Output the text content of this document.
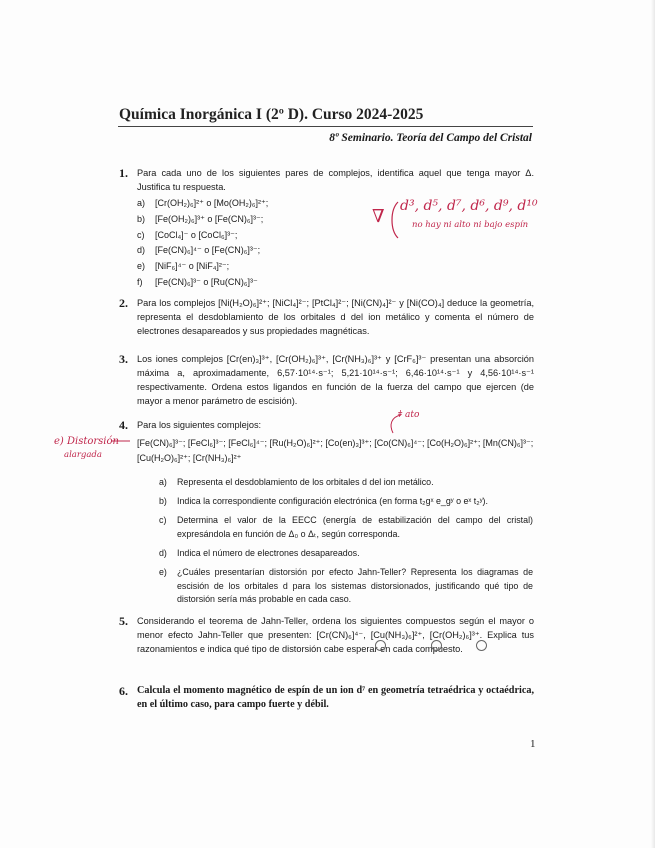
Química Inorgánica I (2º D). Curso 2024-2025
8º Seminario. Teoría del Campo del Cristal
1. Para cada uno de los siguientes pares de complejos, identifica aquel que tenga mayor Δ. Justifica tu respuesta.
a) [Cr(OH₂)₆]²⁺ o [Mo(OH₂)₆]²⁺;
b) [Fe(OH₂)₆]³⁺ o [Fe(CN)₆]³⁻;
c) [CoCl₄]⁻ o [CoCl₆]³⁻;
d) [Fe(CN)₆]⁴⁻ o [Fe(CN)₆]³⁻;
e) [NiF₆]⁴⁻ o [NiF₄]²⁻;
f) [Fe(CN)₆]³⁻ o [Ru(CN)₆]³⁻
∇ d³, d⁵, d⁷, d⁶, d⁹, d¹⁰
no hay ni alto ni bajo espín
2. Para los complejos [Ni(H₂O)₆]²⁺; [NiCl₄]²⁻; [PtCl₄]²⁻; [Ni(CN)₄]²⁻ y [Ni(CO)₄] deduce la geometría, representa el desdoblamiento de los orbitales d del ion metálico y comenta el número de electrones desapareados y sus propiedades magnéticas.
3. Los iones complejos [Cr(en)₃]³⁺, [Cr(OH₂)₆]³⁺, [Cr(NH₃)₆]³⁺ y [CrF₆]³⁻ presentan una absorción máxima a, aproximadamente, 6,57·10¹⁴·s⁻¹; 5,21·10¹⁴·s⁻¹; 6,46·10¹⁴·s⁻¹ y 4,56·10¹⁴·s⁻¹ respectivamente. Ordena estos ligandos en función de la fuerza del campo que ejercen (de mayor a menor parámetro de escisión).
4. Para los siguientes complejos:
[Fe(CN)₆]³⁻; [FeCl₆]³⁻; [FeCl₆]⁴⁻; [Ru(H₂O)₆]²⁺; [Co(en)₃]³⁺; [Co(CN)₆]⁴⁻; [Co(H₂O)₆]²⁺; [Mn(CN)₆]³⁻; [Cu(H₂O)₆]²⁺; [Cr(NH₃)₆]²⁺
a) Representa el desdoblamiento de los orbitales d del ion metálico.
b) Indica la correspondiente configuración electrónica (en forma t₂gˣ e_gʸ o eˣ t₂ʸ).
c) Determina el valor de la EECC (energía de estabilización del campo del cristal) expresándola en función de Δ₀ o Δₜ, según corresponda.
d) Indica el número de electrones desapareados.
e) ¿Cuáles presentarían distorsión por efecto Jahn-Teller? Representa los diagramas de escisión de los orbitales d para los sistemas distorsionados, justificando qué tipo de distorsión sería más probable en cada caso.
e) Distorsión
alargada
ǂ ato
5. Considerando el teorema de Jahn-Teller, ordena los siguientes compuestos según el mayor o menor efecto Jahn-Teller que presenten: [Cr(CN)₆]⁴⁻, [Cu(NH₃)₆]²⁺, [Cr(OH₂)₆]³⁺. Explica tus razonamientos e indica qué tipo de distorsión cabe esperar en cada compuesto.
6. Calcula el momento magnético de espín de un ion d⁷ en geometría tetraédrica y octaédrica, en el último caso, para campo fuerte y débil.
1
